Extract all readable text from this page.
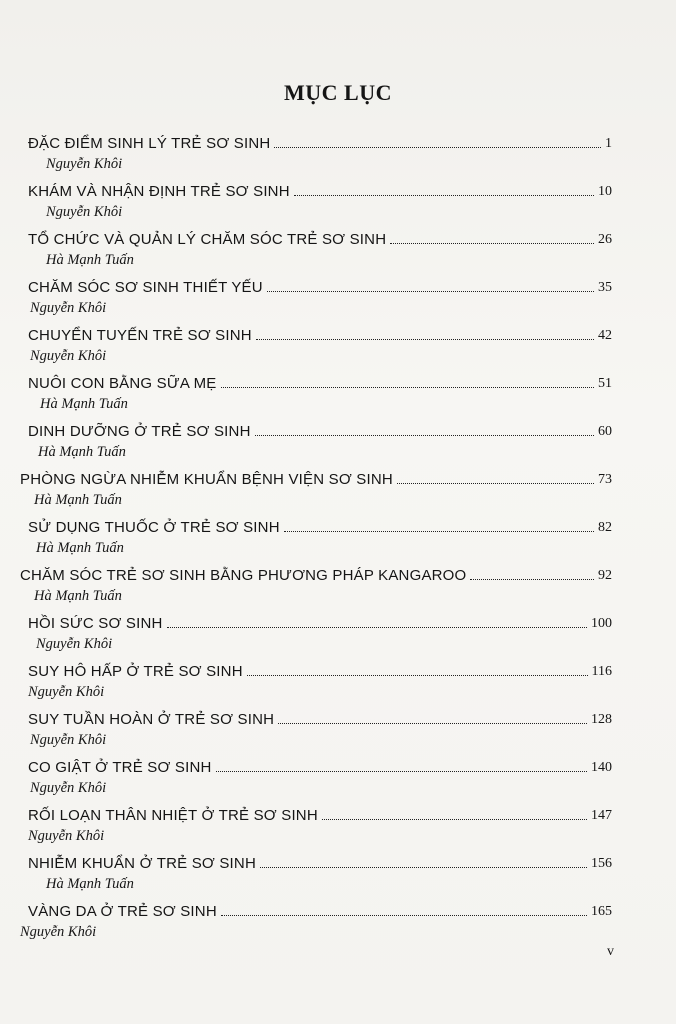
MỤC LỤC
ĐẶC ĐIỂM SINH LÝ TRẺ SƠ SINH	1
Nguyễn Khôi
KHÁM VÀ NHẬN ĐỊNH TRẺ SƠ SINH	10
Nguyễn Khôi
TỔ CHỨC VÀ QUẢN LÝ CHĂM SÓC TRẺ SƠ SINH	26
Hà Mạnh Tuấn
CHĂM SÓC SƠ SINH THIẾT YẾU	35
Nguyễn Khôi
CHUYỂN TUYẾN TRẺ SƠ SINH	42
Nguyễn Khôi
NUÔI CON BẰNG SỮA MẸ	51
Hà Mạnh Tuấn
DINH DƯỠNG Ở TRẺ SƠ SINH	60
Hà Mạnh Tuấn
PHÒNG NGỪA NHIỄM KHUẨN BỆNH VIỆN SƠ SINH	73
Hà Mạnh Tuấn
SỬ DỤNG THUỐC Ở TRẺ SƠ SINH	82
Hà Mạnh Tuấn
CHĂM SÓC TRẺ SƠ SINH BẰNG PHƯƠNG PHÁP KANGAROO	92
Hà Mạnh Tuấn
HỒI SỨC SƠ SINH	100
Nguyễn Khôi
SUY HÔ HẤP Ở TRẺ SƠ SINH	116
Nguyễn Khôi
SUY TUẦN HOÀN Ở TRẺ SƠ SINH	128
Nguyễn Khôi
CO GIẬT Ở TRẺ SƠ SINH	140
Nguyễn Khôi
RỐI LOẠN THÂN NHIỆT Ở TRẺ SƠ SINH	147
Nguyễn Khôi
NHIỄM KHUẨN Ở TRẺ SƠ SINH	156
Hà Mạnh Tuấn
VÀNG DA Ở TRẺ SƠ SINH	165
Nguyễn Khôi
v
